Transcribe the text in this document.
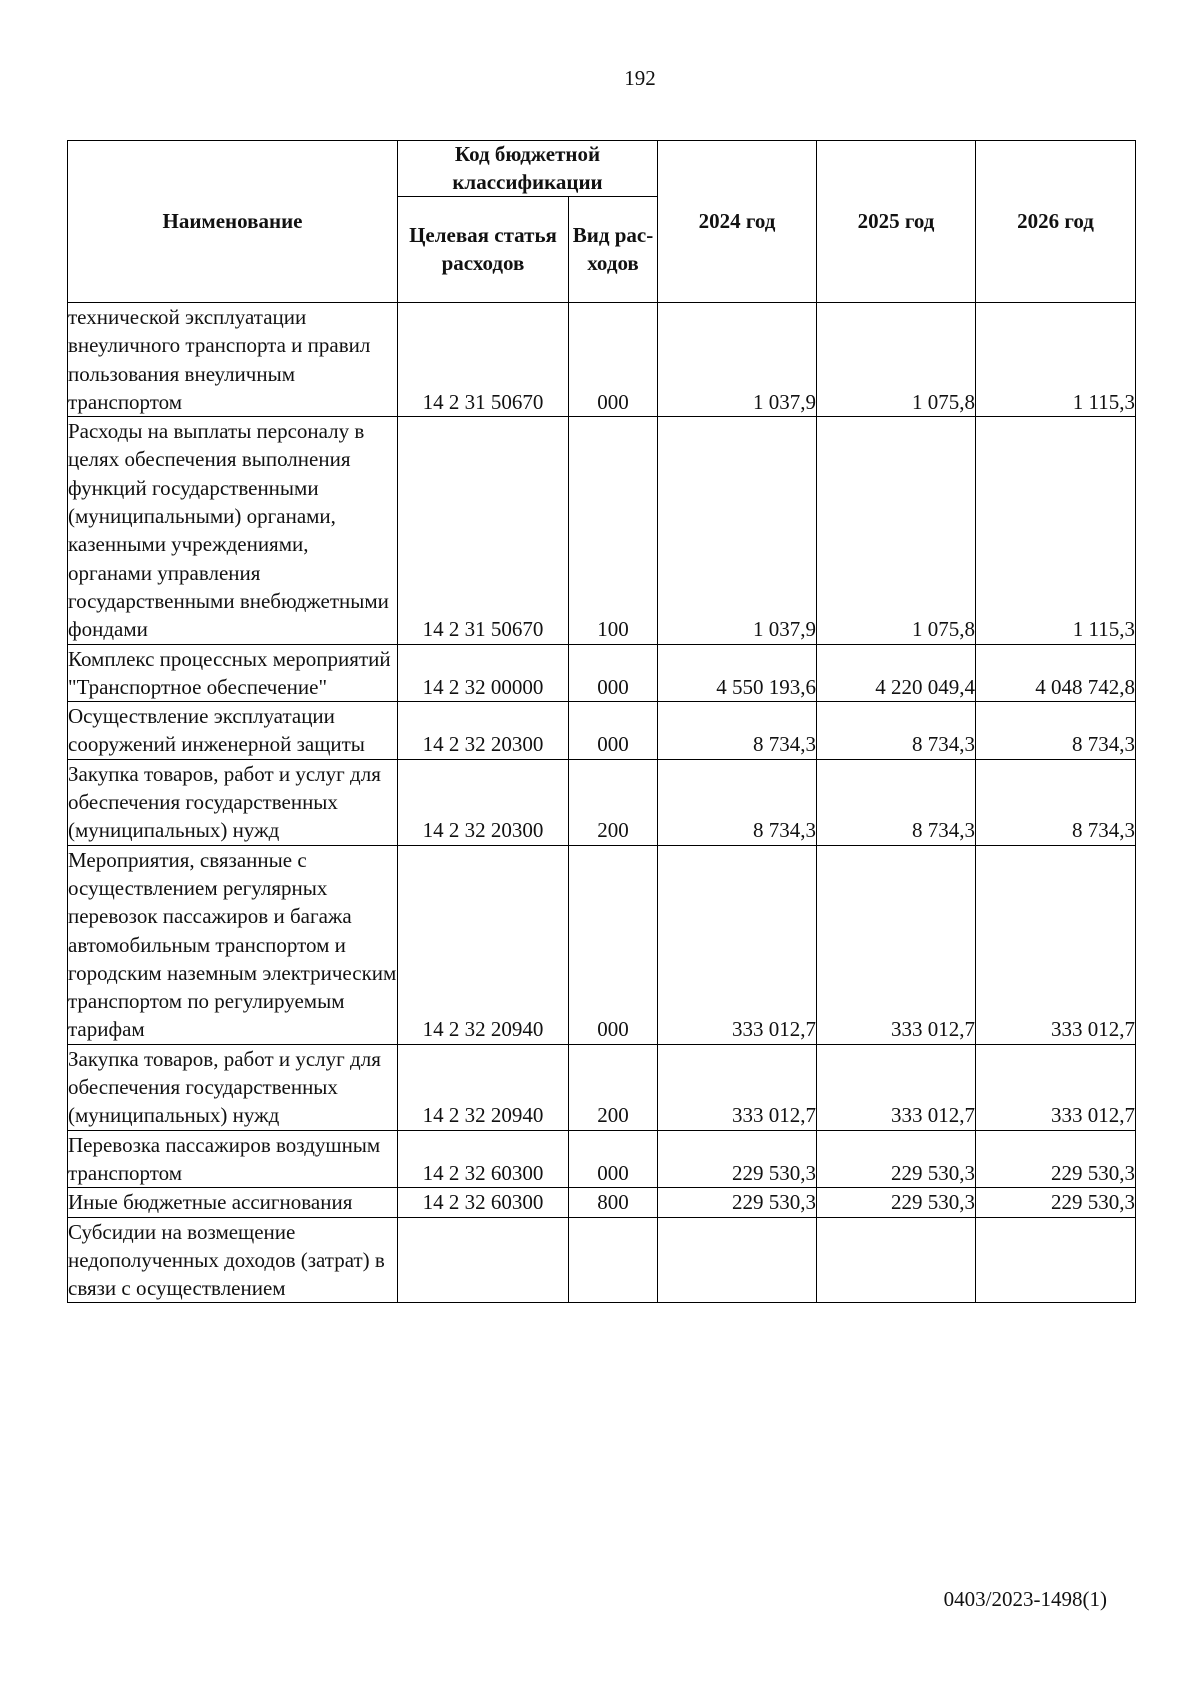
192
Наименование	Код бюджетной классификации		2024 год	2025 год	2026 год
	Целевая статья расходов	Вид рас-ходов			
технической эксплуатации внеуличного транспорта и правил пользования внеуличным транспортом	14 2 31 50670	000	1 037,9	1 075,8	1 115,3
Расходы на выплаты персоналу в целях обеспечения выполнения функций государственными (муниципальными) органами, казенными учреждениями, органами управления государственными внебюджетными фондами	14 2 31 50670	100	1 037,9	1 075,8	1 115,3
Комплекс процессных мероприятий "Транспортное обеспечение"	14 2 32 00000	000	4 550 193,6	4 220 049,4	4 048 742,8
Осуществление эксплуатации сооружений инженерной защиты	14 2 32 20300	000	8 734,3	8 734,3	8 734,3
Закупка товаров, работ и услуг для обеспечения государственных (муниципальных) нужд	14 2 32 20300	200	8 734,3	8 734,3	8 734,3
Мероприятия, связанные с осуществлением регулярных перевозок пассажиров и багажа автомобильным транспортом и городским наземным электрическим транспортом по регулируемым тарифам	14 2 32 20940	000	333 012,7	333 012,7	333 012,7
Закупка товаров, работ и услуг для обеспечения государственных (муниципальных) нужд	14 2 32 20940	200	333 012,7	333 012,7	333 012,7
Перевозка пассажиров воздушным транспортом	14 2 32 60300	000	229 530,3	229 530,3	229 530,3
Иные бюджетные ассигнования	14 2 32 60300	800	229 530,3	229 530,3	229 530,3
Субсидии на возмещение недополученных доходов (затрат) в связи с осуществлением					
0403/2023-1498(1)
